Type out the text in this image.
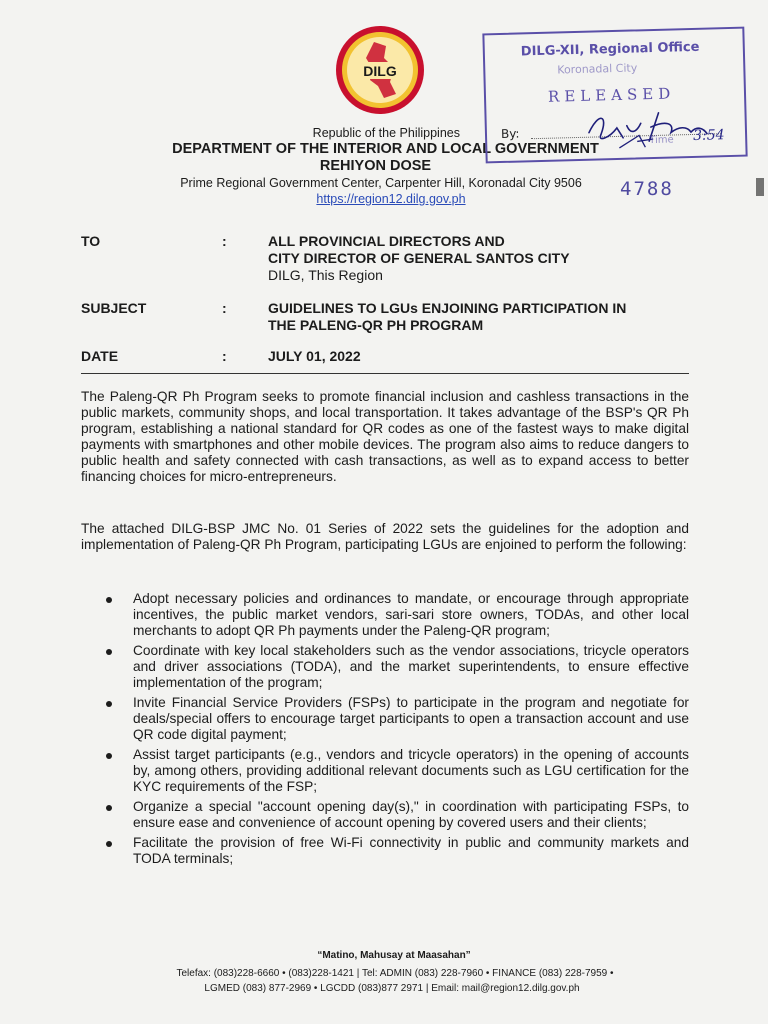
DILG
Republic of the Philippines
DEPARTMENT OF THE INTERIOR AND LOCAL GOVERNMENT
REHIYON DOSE
Prime Regional Government Center, Carpenter Hill, Koronadal City 9506
https://region12.dilg.gov.ph
DILG-XII, Regional Office
Koronadal City
RELEASED
By:	Time 3:54
4788
TO	:	ALL PROVINCIAL DIRECTORS AND
CITY DIRECTOR OF GENERAL SANTOS CITY
DILG, This Region
SUBJECT	:	GUIDELINES TO LGUs ENJOINING PARTICIPATION IN
THE PALENG-QR PH PROGRAM
DATE	:	JULY 01, 2022

The Paleng-QR Ph Program seeks to promote financial inclusion and cashless transactions in the public markets, community shops, and local transportation. It takes advantage of the BSP's QR Ph program, establishing a national standard for QR codes as one of the fastest ways to make digital payments with smartphones and other mobile devices. The program also aims to reduce dangers to public health and safety connected with cash transactions, as well as to expand access to better financing choices for micro-entrepreneurs.

The attached DILG-BSP JMC No. 01 Series of 2022 sets the guidelines for the adoption and implementation of Paleng-QR Ph Program, participating LGUs are enjoined to perform the following:

Adopt necessary policies and ordinances to mandate, or encourage through appropriate incentives, the public market vendors, sari-sari store owners, TODAs, and other local merchants to adopt QR Ph payments under the Paleng-QR program;
Coordinate with key local stakeholders such as the vendor associations, tricycle operators and driver associations (TODA), and the market superintendents, to ensure effective implementation of the program;
Invite Financial Service Providers (FSPs) to participate in the program and negotiate for deals/special offers to encourage target participants to open a transaction account and use QR code digital payment;
Assist target participants (e.g., vendors and tricycle operators) in the opening of accounts by, among others, providing additional relevant documents such as LGU certification for the KYC requirements of the FSP;
Organize a special "account opening day(s)," in coordination with participating FSPs, to ensure ease and convenience of account opening by covered users and their clients;
Facilitate the provision of free Wi-Fi connectivity in public and community markets and TODA terminals;
“Matino, Mahusay at Maasahan”
Telefax: (083)228-6660 • (083)228-1421 | Tel: ADMIN (083) 228-7960 • FINANCE (083) 228-7959 •
LGMED (083) 877-2969 • LGCDD (083)877 2971 | Email: mail@region12.dilg.gov.ph
